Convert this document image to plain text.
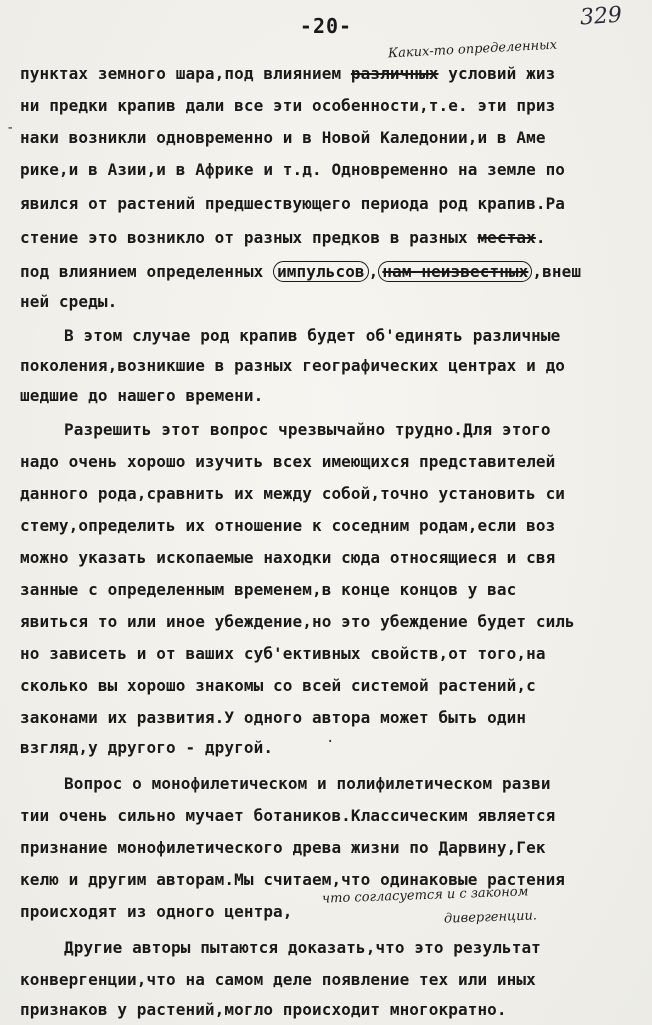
-20-	329
Каких-то определенных
пунктах земного шара,под влиянием различных условий жиз
ни предки крапив дали все эти особенности,т.е. эти приз
наки возникли одновременно и в Новой Каледонии,и в Аме
рике,и в Азии,и в Африке и т.д. Одновременно на земле по
явился от растений предшествующего периода род крапив.Ра
стение это возникло от разных предков в разных местах.
под влиянием определенных импульсов , нам неизвестных ,внеш
ней среды.
В этом случае род крапив будет об'единять различные
поколения,возникшие в разных географических центрах и до
шедшие до нашего времени.
Разрешить этот вопрос чрезвычайно трудно.Для этого
надо очень хорошо изучить всех имеющихся представителей
данного рода,сравнить их между собой,точно установить си
стему,определить их отношение к соседним родам,если воз
можно указать ископаемые находки сюда относящиеся и свя
занные с определенным временем,в конце концов у вас
явиться то или иное убеждение,но это убеждение будет силь
но зависеть и от ваших суб'ективных свойств,от того,на
сколько вы хорошо знакомы со всей системой растений,с
законами их развития.У одного автора может быть один
взгляд,у другого - другой.
Вопрос о монофилетическом и полифилетическом разви
тии очень сильно мучает ботаников.Классическим является
признание монофилетического древа жизни по Дарвину,Гек
келю и другим авторам.Мы считаем,что одинаковые растения
происходят из одного центра,
что согласуется и с законом
дивергенции.
Другие авторы пытаются доказать,что это результат
конвергенции,что на самом деле появление тех или иных
признаков у растений,могло происходит многократно.
-
·
